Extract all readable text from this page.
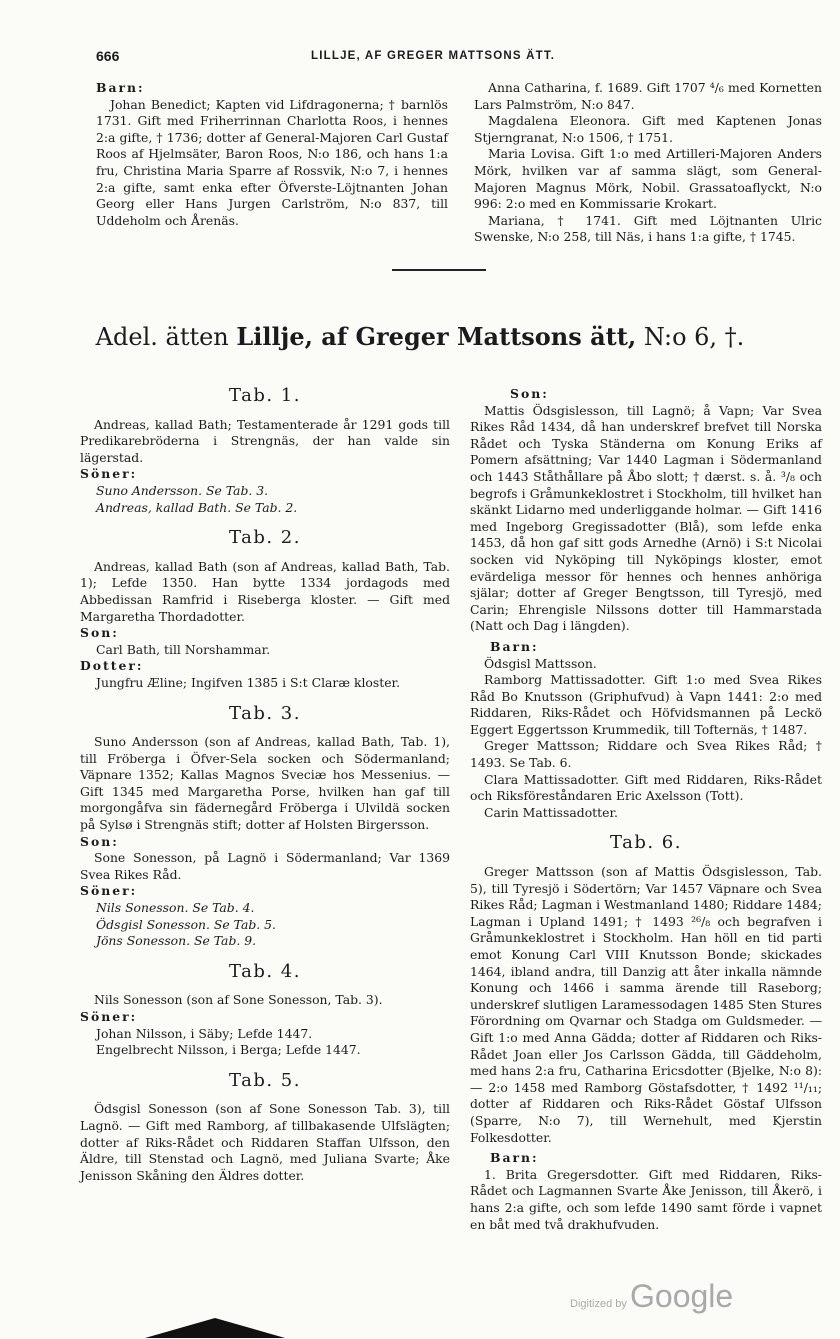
666	LILLJE, AF GREGER MATTSONS ÄTT.

Barn:

Johan Benedict; Kapten vid Lifdragonerna; † barnlös 1731. Gift med Friherrinnan Charlotta Roos, i hennes 2:a gifte, † 1736; dotter af General-Majoren Carl Gustaf Roos af Hjelmsäter, Baron Roos, N:o 186, och hans 1:a fru, Christina Maria Sparre af Rossvik, N:o 7, i hennes 2:a gifte, samt enka efter Öfverste-Löjtnanten Johan Georg eller Hans Jurgen Carlström, N:o 837, till Uddeholm och Årenäs.

Anna Catharina, f. 1689. Gift 1707 ⁴/₆ med Kornetten Lars Palmström, N:o 847.

Magdalena Eleonora. Gift med Kaptenen Jonas Stjerngranat, N:o 1506, † 1751.

Maria Lovisa. Gift 1:o med Artilleri-Majoren Anders Mörk, hvilken var af samma slägt, som General-Majoren Magnus Mörk, Nobil. Grassatoaflyckt, N:o 996: 2:o med en Kommissarie Krokart.

Mariana, † 1741. Gift med Löjtnanten Ulric Swenske, N:o 258, till Näs, i hans 1:a gifte, † 1745.

Adel. ätten Lillje, af Greger Mattsons ätt, N:o 6, †.
Tab. 1.

Andreas, kallad Bath; Testamenterade år 1291 gods till Predikarebröderna i Strengnäs, der han valde sin lägerstad.

Söner:

Suno Andersson. Se Tab. 3.

Andreas, kallad Bath. Se Tab. 2.

Tab. 2.

Andreas, kallad Bath (son af Andreas, kallad Bath, Tab. 1); Lefde 1350. Han bytte 1334 jordagods med Abbedissan Ramfrid i Riseberga kloster. — Gift med Margaretha Thordadotter.

Son:

Carl Bath, till Norshammar.

Dotter:

Jungfru Æline; Ingifven 1385 i S:t Claræ kloster.

Tab. 3.

Suno Andersson (son af Andreas, kallad Bath, Tab. 1), till Fröberga i Öfver-Sela socken och Södermanland; Väpnare 1352; Kallas Magnos Sveciæ hos Messenius. — Gift 1345 med Margaretha Porse, hvilken han gaf till morgongåfva sin fädernegård Fröberga i Ulvildä socken på Sylsø i Strengnäs stift; dotter af Holsten Birgersson.

Son:

Sone Sonesson, på Lagnö i Södermanland; Var 1369 Svea Rikes Råd.

Söner:

Nils Sonesson. Se Tab. 4.

Ödsgisl Sonesson. Se Tab. 5.

Jöns Sonesson. Se Tab. 9.

Tab. 4.

Nils Sonesson (son af Sone Sonesson, Tab. 3).

Söner:

Johan Nilsson, i Säby; Lefde 1447.

Engelbrecht Nilsson, i Berga; Lefde 1447.

Tab. 5.

Ödsgisl Sonesson (son af Sone Sonesson Tab. 3), till Lagnö. — Gift med Ramborg, af tillbakasende Ulfslägten; dotter af Riks-Rådet och Riddaren Staffan Ulfsson, den Äldre, till Stenstad och Lagnö, med Juliana Svarte; Åke Jenisson Skåning den Äldres dotter.

Son:

Mattis Ödsgislesson, till Lagnö; å Vapn; Var Svea Rikes Råd 1434, då han underskref brefvet till Norska Rådet och Tyska Ständerna om Konung Eriks af Pomern afsättning; Var 1440 Lagman i Södermanland och 1443 Ståthållare på Åbo slott; † dærst. s. å. ³/₈ och begrofs i Gråmunkeklostret i Stockholm, till hvilket han skänkt Lidarno med underliggande holmar. — Gift 1416 med Ingeborg Gregissadotter (Blå), som lefde enka 1453, då hon gaf sitt gods Arnedhe (Arnö) i S:t Nicolai socken vid Nyköping till Nyköpings kloster, emot evärdeliga messor för hennes och hennes anhöriga själar; dotter af Greger Bengtsson, till Tyresjö, med Carin; Ehrengisle Nilssons dotter till Hammarstada (Natt och Dag i längden).

Barn:

Ödsgisl Mattsson.

Ramborg Mattissadotter. Gift 1:o med Svea Rikes Råd Bo Knutsson (Griphufvud) à Vapn 1441: 2:o med Riddaren, Riks-Rådet och Höfvidsmannen på Leckö Eggert Eggertsson Krummedik, till Tofternäs, † 1487.

Greger Mattsson; Riddare och Svea Rikes Råd; † 1493. Se Tab. 6.

Clara Mattissadotter. Gift med Riddaren, Riks-Rådet och Riksföreståndaren Eric Axelsson (Tott).

Carin Mattissadotter.

Tab. 6.

Greger Mattsson (son af Mattis Ödsgislesson, Tab. 5), till Tyresjö i Södertörn; Var 1457 Väpnare och Svea Rikes Råd; Lagman i Westmanland 1480; Riddare 1484; Lagman i Upland 1491; † 1493 ²⁶/₈ och begrafven i Gråmunkeklostret i Stockholm. Han höll en tid parti emot Konung Carl VIII Knutsson Bonde; skickades 1464, ibland andra, till Danzig att åter inkalla nämnde Konung och 1466 i samma ärende till Raseborg; underskref slutligen Laramessodagen 1485 Sten Stures Förordning om Qvarnar och Stadga om Guldsmeder. — Gift 1:o med Anna Gädda; dotter af Riddaren och Riks-Rådet Joan eller Jos Carlsson Gädda, till Gäddeholm, med hans 2:a fru, Catharina Ericsdotter (Bjelke, N:o 8): — 2:o 1458 med Ramborg Göstafsdotter, † 1492 ¹¹/₁₁; dotter af Riddaren och Riks-Rådet Göstaf Ulfsson (Sparre, N:o 7), till Wernehult, med Kjerstin Folkesdotter.

Barn:

1. Brita Gregersdotter. Gift med Riddaren, Riks-Rådet och Lagmannen Svarte Åke Jenisson, till Åkerö, i hans 2:a gifte, och som lefde 1490 samt förde i vapnet en båt med två drakhufvuden.

Digitized by Google
